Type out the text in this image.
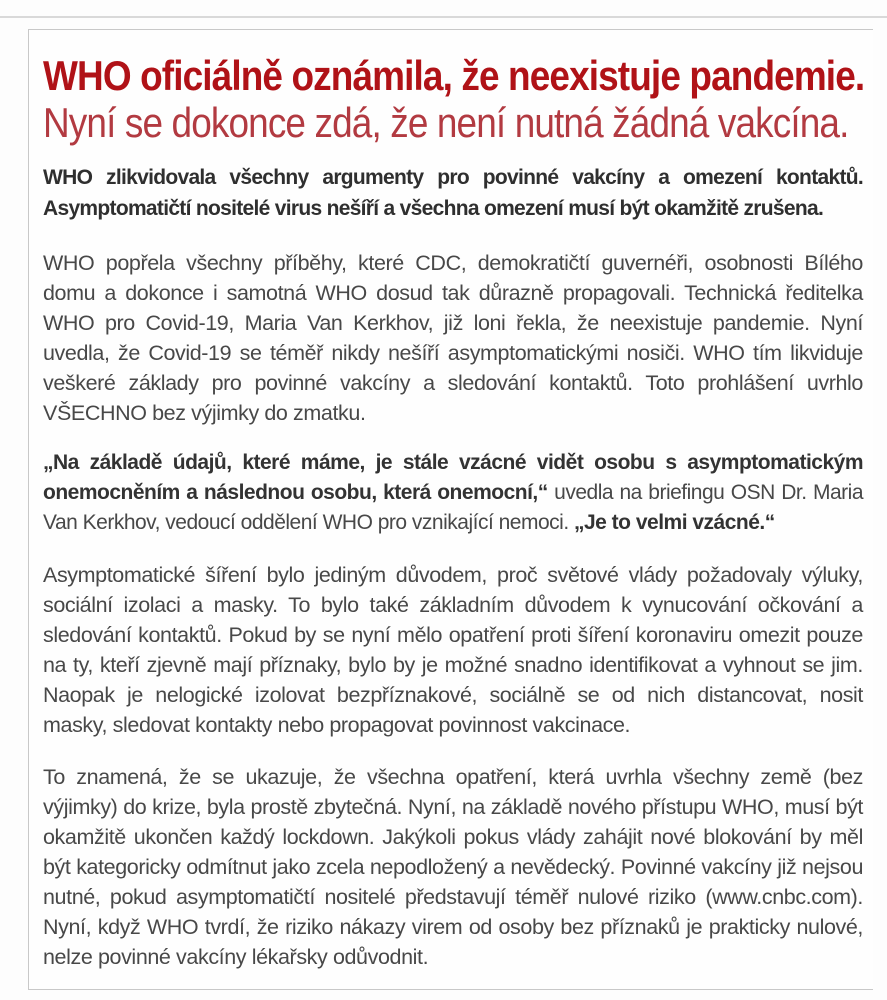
WHO oficiálně oznámila, že neexistuje pandemie.
Nyní se dokonce zdá, že není nutná žádná vakcína.

WHO zlikvidovala všechny argumenty pro povinné vakcíny a omezení kontaktů. Asymptomatičtí nositelé virus nešíří a všechna omezení musí být okamžitě zrušena.

WHO popřela všechny příběhy, které CDC, demokratičtí guvernéři, osobnosti Bílého domu a dokonce i samotná WHO dosud tak důrazně propagovali. Technická ředitelka WHO pro Covid-19, Maria Van Kerkhov, již loni řekla, že neexistuje pandemie. Nyní uvedla, že Covid-19 se téměř nikdy nešíří asymptomatickými nosiči. WHO tím likviduje veškeré základy pro povinné vakcíny a sledování kontaktů. Toto prohlášení uvrhlo VŠECHNO bez výjimky do zmatku.

„Na základě údajů, které máme, je stále vzácné vidět osobu s asymptomatickým onemocněním a následnou osobu, která onemocní,“ uvedla na briefingu OSN Dr. Maria Van Kerkhov, vedoucí oddělení WHO pro vznikající nemoci. „Je to velmi vzácné.“

Asymptomatické šíření bylo jediným důvodem, proč světové vlády požadovaly výluky, sociální izolaci a masky. To bylo také základním důvodem k vynucování očkování a sledování kontaktů. Pokud by se nyní mělo opatření proti šíření koronaviru omezit pouze na ty, kteří zjevně mají příznaky, bylo by je možné snadno identifikovat a vyhnout se jim. Naopak je nelogické izolovat bezpříznakové, sociálně se od nich distancovat, nosit masky, sledovat kontakty nebo propagovat povinnost vakcinace.

To znamená, že se ukazuje, že všechna opatření, která uvrhla všechny země (bez výjimky) do krize, byla prostě zbytečná. Nyní, na základě nového přístupu WHO, musí být okamžitě ukončen každý lockdown. Jakýkoli pokus vlády zahájit nové blokování by měl být kategoricky odmítnut jako zcela nepodložený a nevědecký. Povinné vakcíny již nejsou nutné, pokud asymptomatičtí nositelé představují téměř nulové riziko (www.cnbc.com). Nyní, když WHO tvrdí, že riziko nákazy virem od osoby bez příznaků je prakticky nulové, nelze povinné vakcíny lékařsky odůvodnit.
